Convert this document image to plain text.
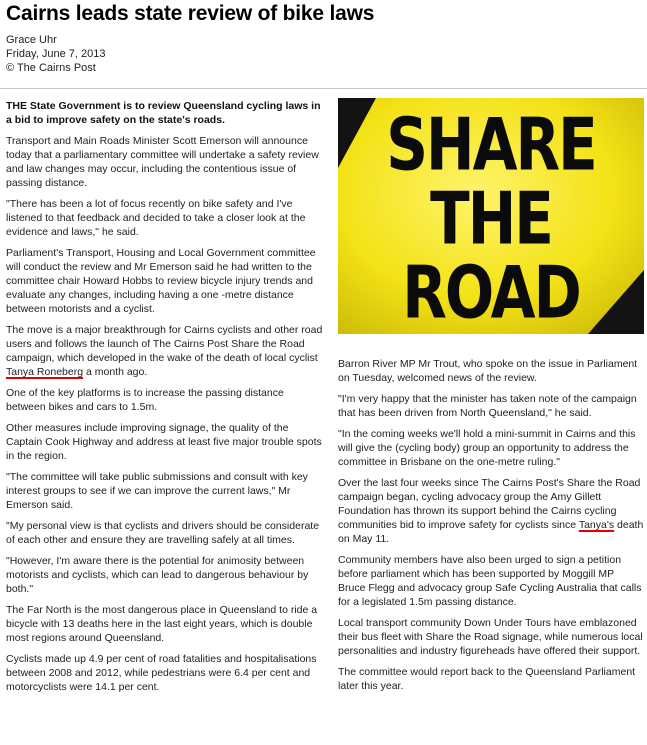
Cairns leads state review of bike laws
Grace Uhr
Friday, June 7, 2013
© The Cairns Post
SHARE
THE
ROAD

THE State Government is to review Queensland cycling laws in a bid to improve safety on the state's roads.

Transport and Main Roads Minister Scott Emerson will announce today that a parliamentary committee will undertake a safety review and law changes may occur, including the contentious issue of passing distance.

"There has been a lot of focus recently on bike safety and I've listened to that feedback and decided to take a closer look at the evidence and laws," he said.

Parliament's Transport, Housing and Local Government committee will conduct the review and Mr Emerson said he had written to the committee chair Howard Hobbs to review bicycle injury trends and evaluate any changes, including having a one -metre distance between motorists and a cyclist.

The move is a major breakthrough for Cairns cyclists and other road users and follows the launch of The Cairns Post Share the Road campaign, which developed in the wake of the death of local cyclist Tanya Roneberg a month ago.

One of the key platforms is to increase the passing distance between bikes and cars to 1.5m.

Other measures include improving signage, the quality of the Captain Cook Highway and address at least five major trouble spots in the region.

"The committee will take public submissions and consult with key interest groups to see if we can improve the current laws," Mr Emerson said.

"My personal view is that cyclists and drivers should be considerate of each other and ensure they are travelling safely at all times.

"However, I'm aware there is the potential for animosity between motorists and cyclists, which can lead to dangerous behaviour by both."

The Far North is the most dangerous place in Queensland to ride a bicycle with 13 deaths here in the last eight years, which is double most regions around Queensland.

Cyclists made up 4.9 per cent of road fatalities and hospitalisations between 2008 and 2012, while pedestrians were 6.4 per cent and motorcyclists were 14.1 per cent.

Barron River MP Mr Trout, who spoke on the issue in Parliament on Tuesday, welcomed news of the review.

"I'm very happy that the minister has taken note of the campaign that has been driven from North Queensland," he said.

"In the coming weeks we'll hold a mini-summit in Cairns and this will give the (cycling body) group an opportunity to address the committee in Brisbane on the one-metre ruling."

Over the last four weeks since The Cairns Post's Share the Road campaign began, cycling advocacy group the Amy Gillett Foundation has thrown its support behind the Cairns cycling communities bid to improve safety for cyclists since Tanya's death on May 11.

Community members have also been urged to sign a petition before parliament which has been supported by Moggill MP Bruce Flegg and advocacy group Safe Cycling Australia that calls for a legislated 1.5m passing distance.

Local transport community Down Under Tours have emblazoned their bus fleet with Share the Road signage, while numerous local personalities and industry figureheads have offered their support.

The committee would report back to the Queensland Parliament later this year.
